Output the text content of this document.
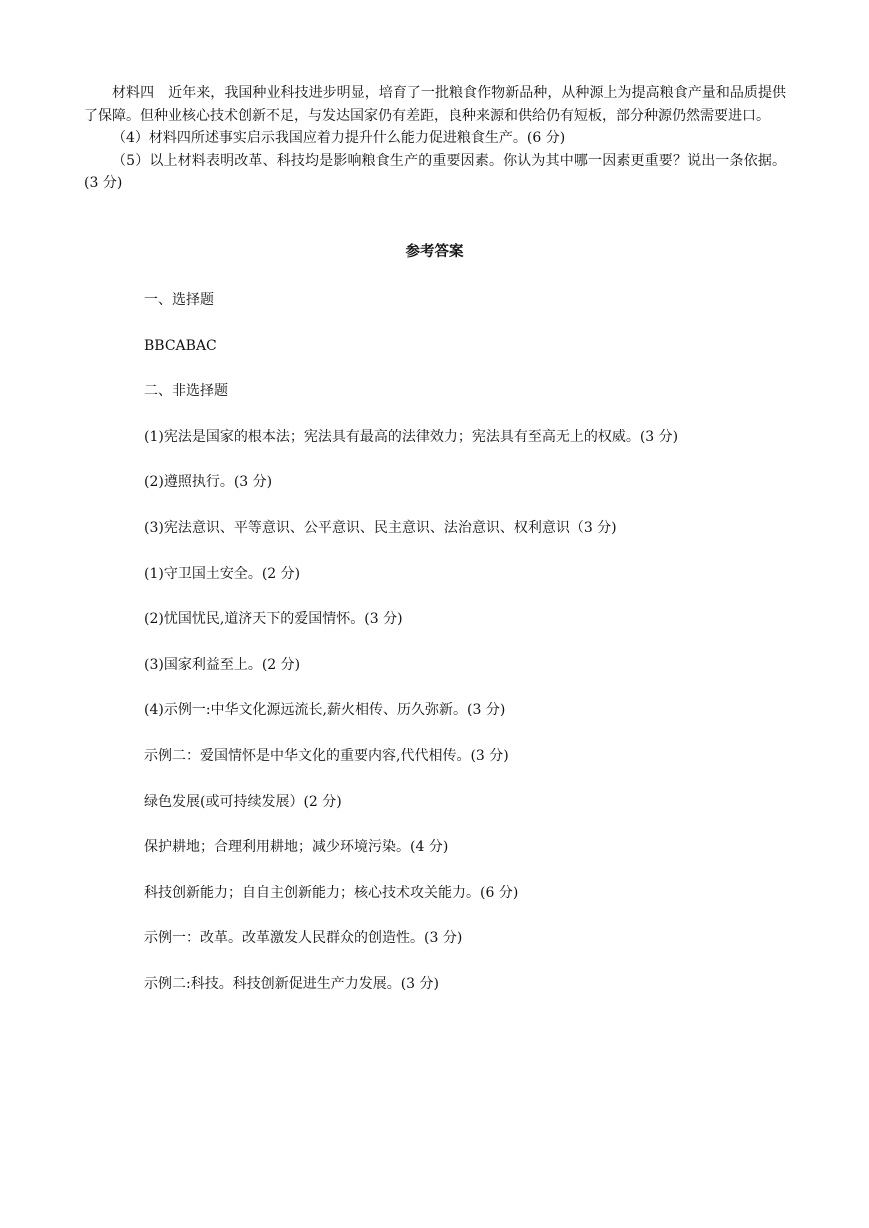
材料四　近年来，我国种业科技进步明显，培育了一批粮食作物新品种，从种源上为提高粮食产量和品质提供了保障。但种业核心技术创新不足，与发达国家仍有差距，良种来源和供给仍有短板，部分种源仍然需要进口。

（4）材料四所述事实启示我国应着力提升什么能力促进粮食生产。(6 分)

（5）以上材料表明改革、科技均是影响粮食生产的重要因素。你认为其中哪一因素更重要？说出一条依据。(3 分)

参考答案
一、选择题
BBCABAC
二、非选择题
(1)宪法是国家的根本法；宪法具有最高的法律效力；宪法具有至高无上的权威。(3 分)
(2)遵照执行。(3 分)
(3)宪法意识、平等意识、公平意识、民主意识、法治意识、权利意识（3 分)
(1)守卫国土安全。(2 分)
(2)忧国忧民,道济天下的爱国情怀。(3 分)
(3)国家利益至上。(2 分)
(4)示例一:中华文化源远流长,薪火相传、历久弥新。(3 分)
示例二：爱国情怀是中华文化的重要内容,代代相传。(3 分)
绿色发展(或可持续发展）(2 分)
保护耕地；合理利用耕地；减少环境污染。(4 分)
科技创新能力；自自主创新能力；核心技术攻关能力。(6 分)
示例一：改革。改革激发人民群众的创造性。(3 分)
示例二:科技。科技创新促进生产力发展。(3 分)
